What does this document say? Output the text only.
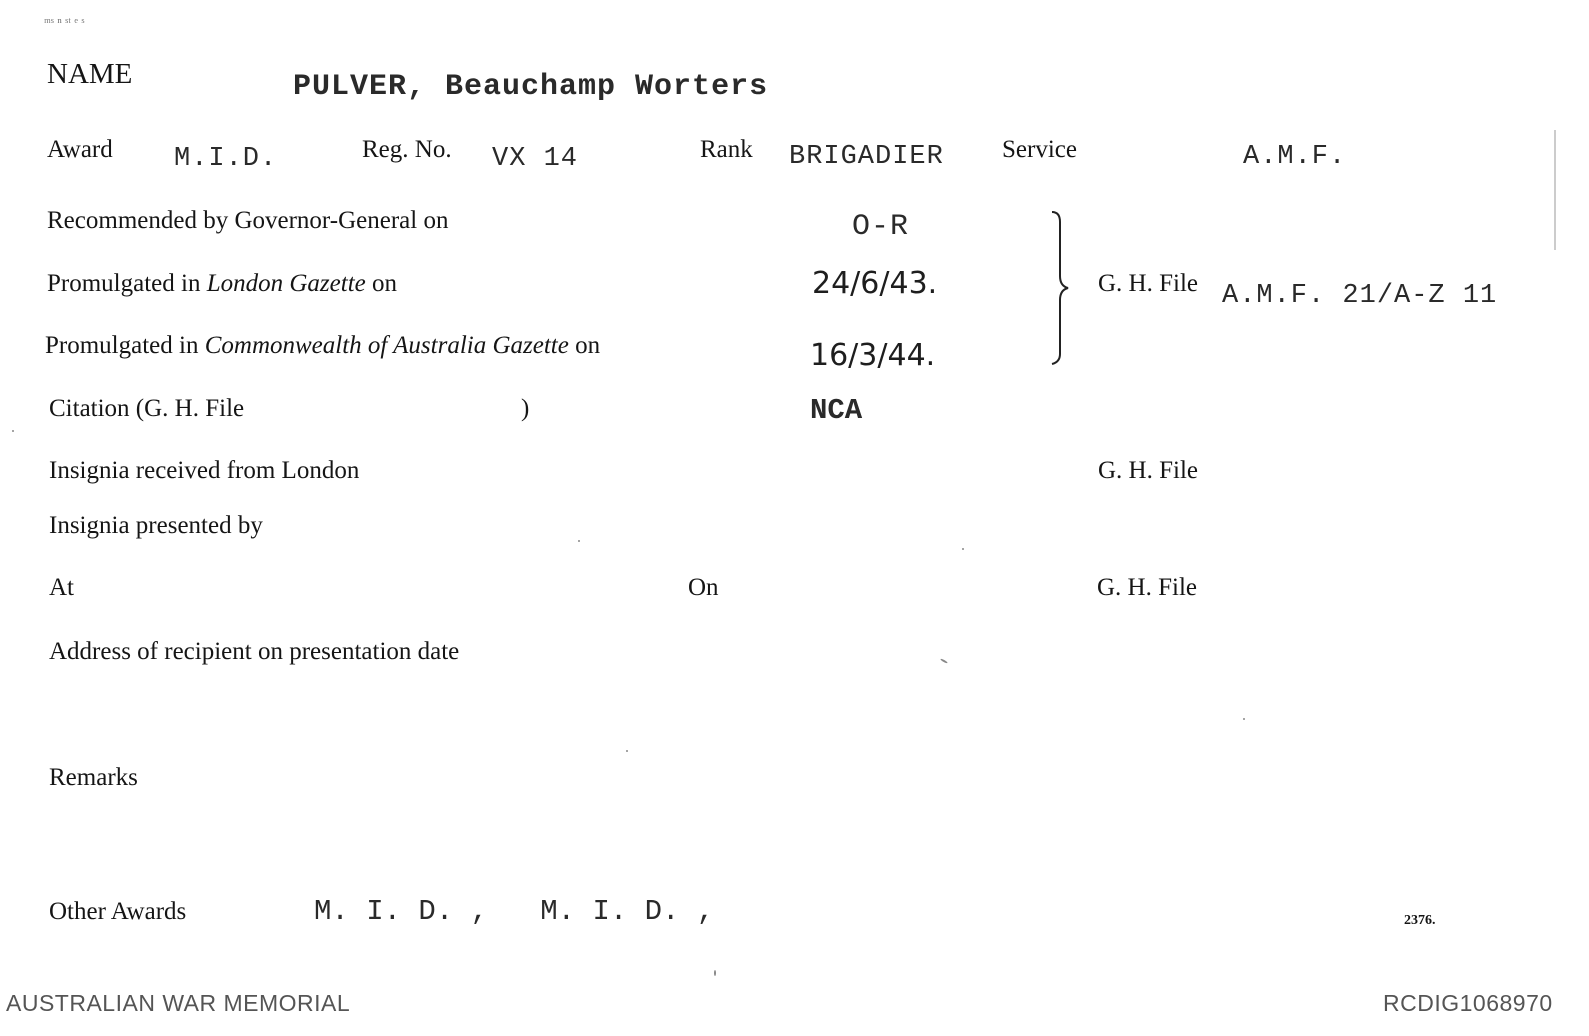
ᵐˢ ⁿ ˢᵗ ᵉ ˢ
NAME	PULVER, Beauchamp Worters
Award M.I.D.	Reg. No. VX 14	Rank BRIGADIER Service	A.M.F.
Recommended by Governor-General on	O-R
Promulgated in London Gazette on	24/6/43.
Promulgated in Commonwealth of Australia Gazette on	16/3/44.
G. H. File A.M.F. 21/A-Z 11
Citation (G. H. File	)	NCA
Insignia received from London	G. H. File
Insignia presented by
At	On	G. H. File
Address of recipient on presentation date
Remarks
Other Awards	M. I. D. ,   M. I. D. ,	2376.
AUSTRALIAN WAR MEMORIAL	RCDIG1068970
